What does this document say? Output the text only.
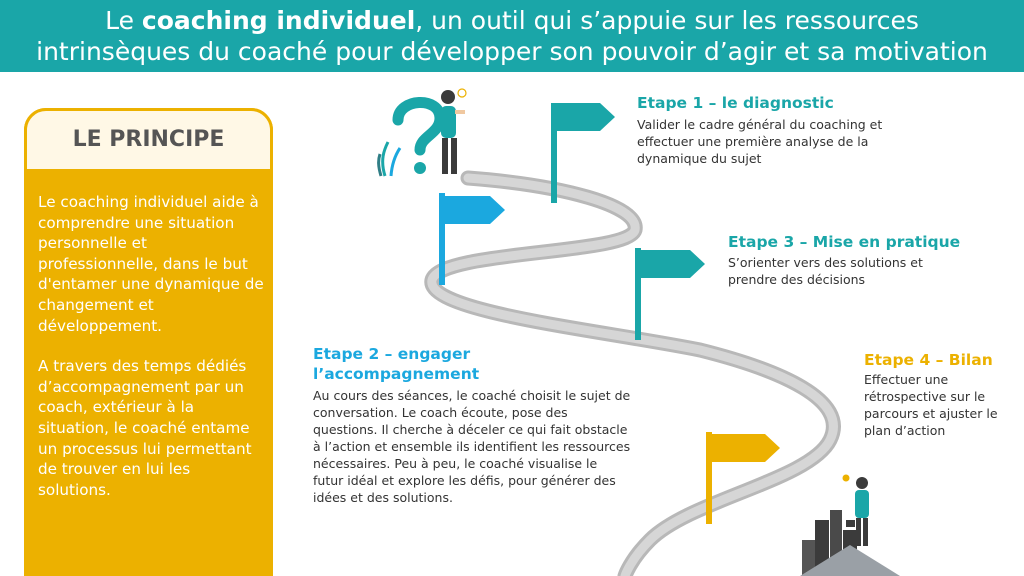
Le coaching individuel, un outil qui s’appuie sur les ressources
intrinsèques du coaché pour développer son pouvoir d’agir et sa motivation
LE PRINCIPE

Le coaching individuel aide à comprendre une situation personnelle et professionnelle, dans le but d'entamer une dynamique de changement et développement.

A travers des temps dédiés d’accompagnement par un coach, extérieur à la situation, le coaché entame un processus lui permettant de trouver en lui les solutions.

Etape 1 – le diagnostic
Valider le cadre général du coaching et effectuer une première analyse de la dynamique du sujet
Etape 2 – engager
l’accompagnement
Au cours des séances, le coaché choisit le sujet de conversation. Le coach écoute, pose des questions. Il cherche à déceler ce qui fait obstacle à l’action et ensemble ils identifient les ressources nécessaires. Peu à peu, le coaché visualise le futur idéal et explore les défis, pour générer des idées et des solutions.
Etape 3 – Mise en pratique
S’orienter vers des solutions et prendre des décisions
Etape 4 – Bilan
Effectuer une rétrospective sur le parcours et ajuster le plan d’action
